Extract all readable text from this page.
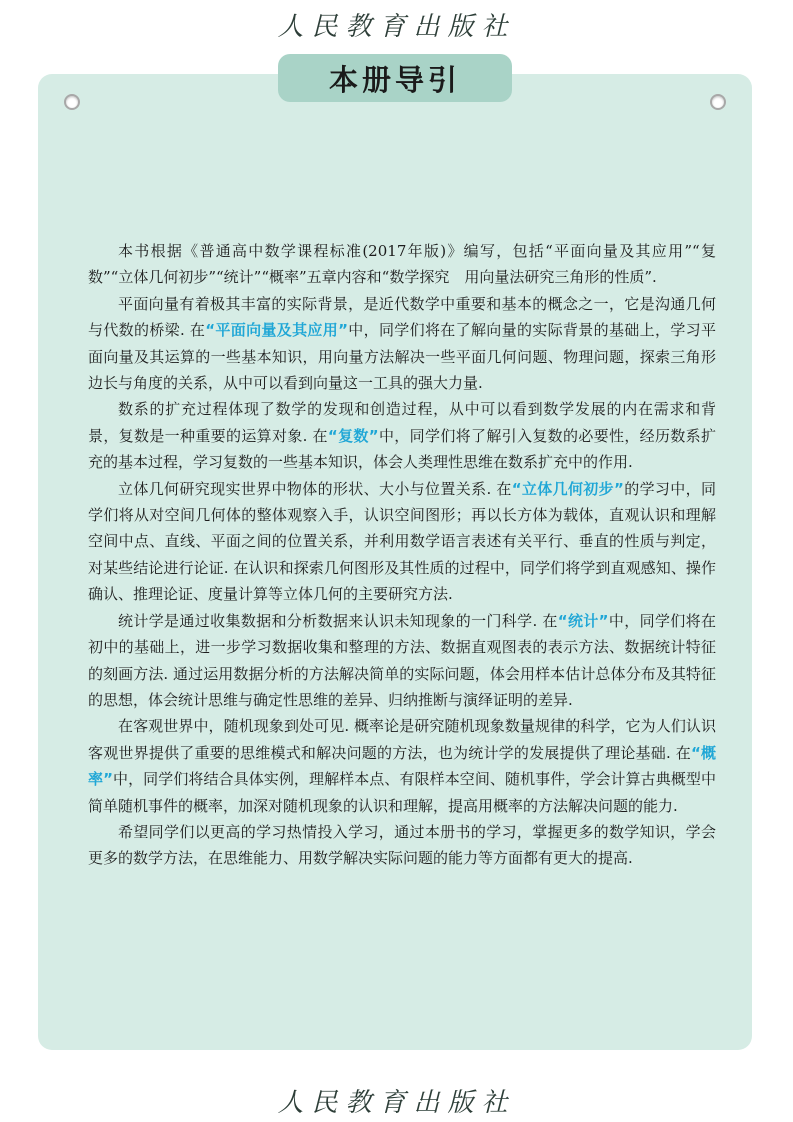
人民教育出版社
本册导引

本书根据《普通高中数学课程标准(2017年版)》编写，包括“平面向量及其应用”“复数”“立体几何初步”“统计”“概率”五章内容和“数学探究　用向量法研究三角形的性质”.

平面向量有着极其丰富的实际背景，是近代数学中重要和基本的概念之一，它是沟通几何与代数的桥梁. 在“平面向量及其应用”中，同学们将在了解向量的实际背景的基础上，学习平面向量及其运算的一些基本知识，用向量方法解决一些平面几何问题、物理问题，探索三角形边长与角度的关系，从中可以看到向量这一工具的强大力量.

数系的扩充过程体现了数学的发现和创造过程，从中可以看到数学发展的内在需求和背景，复数是一种重要的运算对象. 在“复数”中，同学们将了解引入复数的必要性，经历数系扩充的基本过程，学习复数的一些基本知识，体会人类理性思维在数系扩充中的作用.

立体几何研究现实世界中物体的形状、大小与位置关系. 在“立体几何初步”的学习中，同学们将从对空间几何体的整体观察入手，认识空间图形；再以长方体为载体，直观认识和理解空间中点、直线、平面之间的位置关系，并利用数学语言表述有关平行、垂直的性质与判定，对某些结论进行论证. 在认识和探索几何图形及其性质的过程中，同学们将学到直观感知、操作确认、推理论证、度量计算等立体几何的主要研究方法.

统计学是通过收集数据和分析数据来认识未知现象的一门科学. 在“统计”中，同学们将在初中的基础上，进一步学习数据收集和整理的方法、数据直观图表的表示方法、数据统计特征的刻画方法. 通过运用数据分析的方法解决简单的实际问题，体会用样本估计总体分布及其特征的思想，体会统计思维与确定性思维的差异、归纳推断与演绎证明的差异.

在客观世界中，随机现象到处可见. 概率论是研究随机现象数量规律的科学，它为人们认识客观世界提供了重要的思维模式和解决问题的方法，也为统计学的发展提供了理论基础. 在“概率”中，同学们将结合具体实例，理解样本点、有限样本空间、随机事件，学会计算古典概型中简单随机事件的概率，加深对随机现象的认识和理解，提高用概率的方法解决问题的能力.

希望同学们以更高的学习热情投入学习，通过本册书的学习，掌握更多的数学知识，学会更多的数学方法，在思维能力、用数学解决实际问题的能力等方面都有更大的提高.

人民教育出版社
